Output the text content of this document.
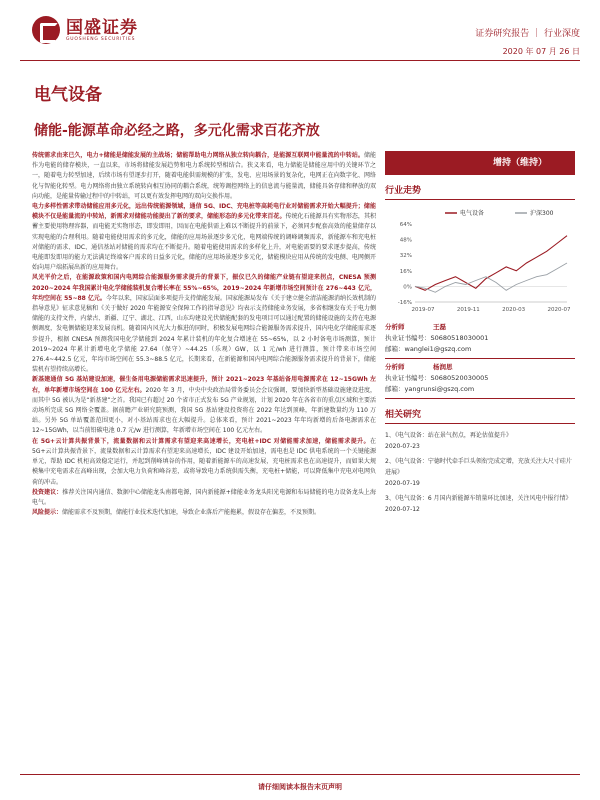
国盛证券
GUOSHENG SECURITIES	证券研究报告 ｜ 行业深度
2020 年 07 月 26 日
电气设备
储能-能源革命必经之路，多元化需求百花齐放

传统需求由来已久，电力+储能是储能发展的主战场；储能帮助电力网络从独立转向耦合，是能源互联网中能量流的中转站。储能作为电能的储存模块，一直以来，市场将储能发展趋势和电力系统转型相结合。狭义来看，电力储能是储能应用中的关键环节之一，随着电力转型加速，后续市场有望逐步打开，随着电能供需规模的扩张，发电、应用场景的复杂化，电网正在向数字化、网络化与智能化转型。电力网络将由独立系统转向相互协同的耦合系统，统筹调控网络上的信息流与能量流，储能具备存储和释放的双向功能，是能量传输过程中的中转站，可以更有效发挥电网的双向交换作用。

电力多样性需求带动储能应用多元化，远出传统能源领域，通信 5G、IDC、充电桩等高耗电行业对储能需求开始大幅提升；储能模块不仅是能量流的中转站，新需求对储能功能提出了新的要求，储能形态的多元化带来百花。传统化石能源具有实物形态，其积蓄主要使用物理容器，而电能无实物形态，即发即用，因而在电能供需上难以不断提升的前景下，必须同步配套高效的能量储存以实现电能的合理利用。随着电能使用需求的多元化，储能的应用场景逐步多元化，电网端传统的调峰调频需求，新能源车和充电桩对储能的需求、IDC、通信基站对储能的需求均在不断提升。随着电能使用需求的多样化上升，对电能需要的要求逐步提高，传统电能即发即用的能力无法满足终端客户需求的日益多元化，储能的应用场景逐步多元化，储能模块应用从传统的发电侧、电网侧开始向用户端拓展出新的应用舞台。

风光平价之后，在能源政策和国内电网综合能源服务需求提升的背景下，振仪已久的储能产业链有望迎来拐点，CNESA 预测 2020~2024 年我国累计电化学储能装机复合增长率在 55%~65%，2019~2024 年新增市场空间预计在 276~443 亿元，年均空间在 55~88 亿元。今年以来，国家层面多项提升支持储能发展。国家能源局发布《关于建立健全清洁能源消纳长效机制的指导意见》征求意见稿和《关于做好 2020 年能源安全保障工作的指导意见》均表示支持储能业务发展，多省相继发布关于电力侧储能的支持文件，内蒙古、新疆、辽宁、湖北、江西，山东均建设光伏储能配套的发电项目可以通过配置的储能设施的支持在电源侧调度，发电侧储能迎来发展良机。随着国内风光大力推进的同时，积极发展电网综合能源服务需求提升，国内电化学储能需求逐步提升，根据 CNESA 预测我国电化学储能到 2024 年累计装机的年化复合增速在 55~65%，以 2 小时备电市场测算，预计 2019~2024 年累计新增电化学储能 27.64（保守）~44.25（乐观）GW，以 1 元/wh 进行测算，预计带来市场空间 276.4~442.5 亿元，年均市场空间在 55.3~88.5 亿元，长期来看，在新能源和国内电网综合能源服务需求提升的背景下，储能装机有望持续高增长。

新基建通信 5G 基站建设加速，催生备用电源储能需求迅速提升，预计 2021~2023 年基站备用电源需求在 12~15GWh 左右，单年新增市场空间在 100 亿元左右。2020 年 3 月，中央中央政治局常务委员会会议强调，要加快新型基础设施建设进度，而其中 5G 被认为是“新基建”之首。我国已有超过 20 个省市正式发布 5G 产业规划，计划 2020 年在各省市的重点区域和主要活动场所完成 5G 网络全覆盖。据前瞻产业研究院预测，我国 5G 基站建设投资将在 2022 年达到顶峰，年新建数量约为 110 万站。另外 5G 单站覆盖范围更小，对小基站需求也在大幅提升。总体来看，预计 2021~2023 年年均新增的后备电源需求在 12~15GWh，以当前铅碳电池 0.7 元/w 进行测算，年新增市场空间在 100 亿元左右。

在 5G+云计算共振背景下，流量数据和云计算需求有望迎来高速增长，充电桩+IDC 对储能需求加速，储能需求提升。在 5G+云计算共振背景下，流量数据和云计算需求有望迎来高速增长，IDC 建设开始加速，需电也是 IDC 供电系统的一个关键能源单元，帮助 IDC 机柜高效稳定运行，并起到削峰填谷的作用，随着新能源车的高速发展，充电桩需求也在高速提升，而如果大规模集中充电需求在高峰出现，会加大电力负荷和峰谷差，或将导致电力系统供需失衡，充电桩+储能，可以降低集中充电对电网负荷的冲击。

投资建议：推荐关注国内通信、数据中心储能龙头南都电源，国内新能源+储能业务龙头阳光电源和布局储能的电力设备龙头上海电气。

风险提示：储能需求不及预期，储能行业技术迭代加速，导致企业落后产能拖累，假设存在偏差，不及预期。

增持（维持）
行业走势
64%
48%
32%
16%
0%
-16%
2019-07	2019-11	2020-03	2020-07
电气设备	沪深300
分析师	王磊
执业证书编号： S0680518030001
邮箱： wanglei1@gszq.com
分析师	杨润思
执业证书编号： S0680520030005
邮箱： yangrunsi@gszq.com
相关研究
1、《电气设备：站在景气拐点，再论估值提升》
2020-07-23
2、《电气设备：宁德时代牵手巨头领衔完成定增，充放关注大尺寸硅片进展》
2020-07-19
3、《电气设备：6 月国内新能源车销量环比加速，关注风电中报行情》
2020-07-12
请仔细阅读本报告末页声明
